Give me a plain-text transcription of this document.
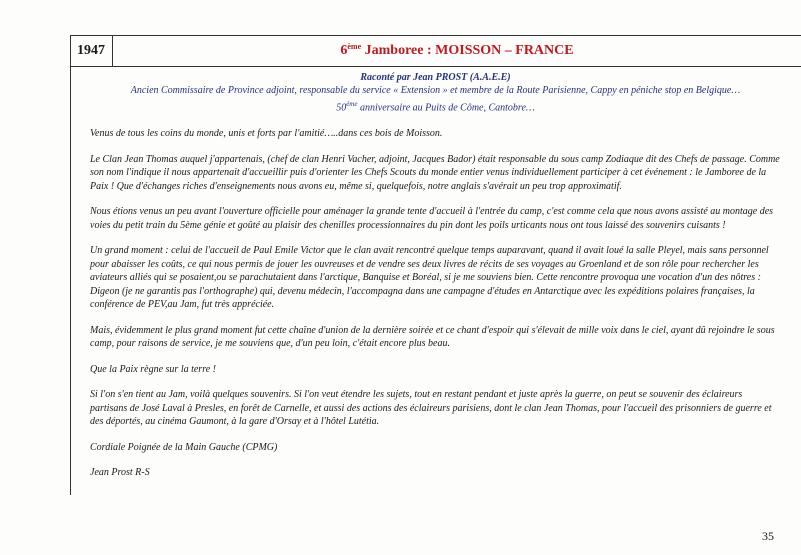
1947	6ème Jamboree : MOISSON – FRANCE
Raconté par Jean PROST (A.A.E.E)
Ancien Commissaire de Province adjoint, responsable du service « Extension » et membre de la Route Parisienne, Cappy en péniche stop en Belgique…
50ème anniversaire au Puits de Côme, Cantobre…

Venus de tous les coins du monde, unis et forts par l'amitié…..dans ces bois de Moisson.

Le Clan Jean Thomas auquel j'appartenais, (chef de clan Henri Vacher, adjoint, Jacques Bador) était responsable du sous camp Zodiaque dit des Chefs de passage. Comme son nom l'indique il nous appartenait d'accueillir puis d'orienter les Chefs Scouts du monde entier venus individuellement participer à cet événement : le Jamboree de la Paix ! Que d'échanges riches d'enseignements nous avons eu, même si, quelquefois, notre anglais s'avérait un peu trop approximatif.

Nous étions venus un peu avant l'ouverture officielle pour aménager la grande tente d'accueil à l'entrée du camp, c'est comme cela que nous avons assisté au montage des voies du petit train du 5ème génie et goûté au plaisir des chenilles processionnaires du pin dont les poils urticants nous ont tous laissé des souvenirs cuisants !

Un grand moment : celui de l'accueil de Paul Emile Victor que le clan avait rencontré quelque temps auparavant, quand il avait loué la salle Pleyel, mais sans personnel pour abaisser les coûts, ce qui nous permis de jouer les ouvreuses et de vendre ses deux livres de récits de ses voyages au Groenland et de son rôle pour rechercher les aviateurs alliés qui se posaient,ou se parachutaient dans l'arctique, Banquise et Boréal, si je me souviens bien. Cette rencontre provoqua une vocation d'un des nôtres : Digeon (je ne garantis pas l'orthographe) qui, devenu médecin, l'accompagna dans une campagne d'études en Antarctique avec les expéditions polaires françaises, la conférence de PEV,au Jam, fut très appréciée.

Mais, évidemment le plus grand moment fut cette chaîne d'union de la dernière soirée et ce chant d'espoir qui s'élevait de mille voix dans le ciel, ayant dû rejoindre le sous camp, pour raisons de service, je me souviens que, d'un peu loin, c'était encore plus beau.

Que la Paix règne sur la terre !

Si l'on s'en tient au Jam, voilà quelques souvenirs. Si l'on veut étendre les sujets, tout en restant pendant et juste après la guerre, on peut se souvenir des éclaireurs partisans de José Laval à Presles, en forêt de Carnelle, et aussi des actions des éclaireurs parisiens, dont le clan Jean Thomas, pour l'accueil des prisonniers de guerre et des déportés, au cinéma Gaumont, à la gare d'Orsay et à l'hôtel Lutétia.

Cordiale Poignée de la Main Gauche (CPMG)

Jean Prost R-S

35
